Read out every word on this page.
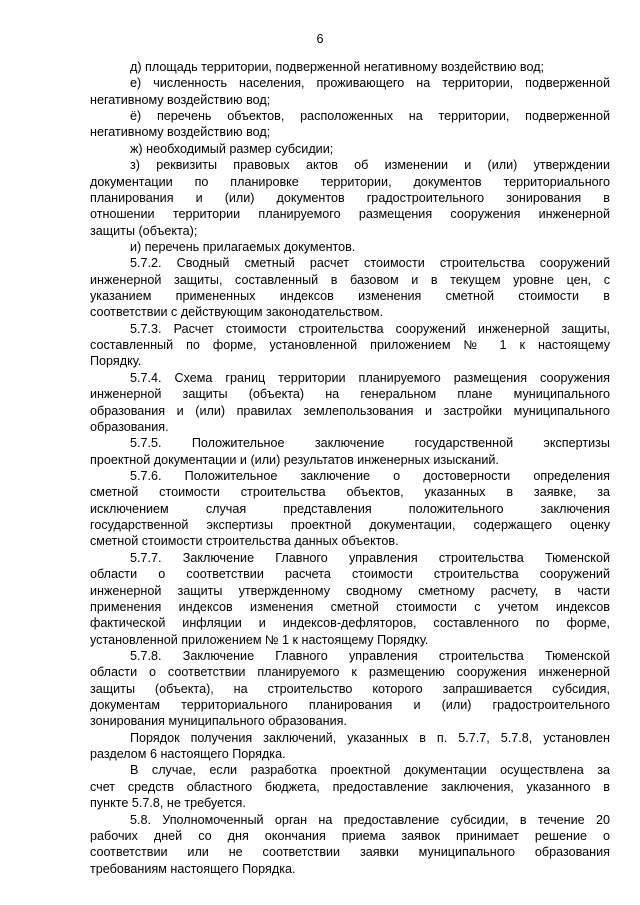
6
д) площадь территории, подверженной негативному воздействию вод;
е) численность населения, проживающего на территории, подверженной
негативному воздействию вод;
ё) перечень объектов, расположенных на территории, подверженной
негативному воздействию вод;
ж) необходимый размер субсидии;
з) реквизиты правовых актов об изменении и (или) утверждении
документации по планировке территории, документов территориального
планирования и (или) документов градостроительного зонирования в
отношении территории планируемого размещения сооружения инженерной
защиты (объекта);
и) перечень прилагаемых документов.
5.7.2. Сводный сметный расчет стоимости строительства сооружений
инженерной защиты, составленный в базовом и в текущем уровне цен, с
указанием примененных индексов изменения сметной стоимости в
соответствии с действующим законодательством.
5.7.3. Расчет стоимости строительства сооружений инженерной защиты,
составленный по форме, установленной приложением № 1 к настоящему
Порядку.
5.7.4. Схема границ территории планируемого размещения сооружения
инженерной защиты (объекта) на генеральном плане муниципального
образования и (или) правилах землепользования и застройки муниципального
образования.
5.7.5. Положительное заключение государственной экспертизы
проектной документации и (или) результатов инженерных изысканий.
5.7.6. Положительное заключение о достоверности определения
сметной стоимости строительства объектов, указанных в заявке, за
исключением случая представления положительного заключения
государственной экспертизы проектной документации, содержащего оценку
сметной стоимости строительства данных объектов.
5.7.7. Заключение Главного управления строительства Тюменской
области о соответствии расчета стоимости строительства сооружений
инженерной защиты утвержденному сводному сметному расчету, в части
применения индексов изменения сметной стоимости с учетом индексов
фактической инфляции и индексов-дефляторов, составленного по форме,
установленной приложением № 1 к настоящему Порядку.
5.7.8. Заключение Главного управления строительства Тюменской
области о соответствии планируемого к размещению сооружения инженерной
защиты (объекта), на строительство которого запрашивается субсидия,
документам территориального планирования и (или) градостроительного
зонирования муниципального образования.
Порядок получения заключений, указанных в п. 5.7.7, 5.7.8, установлен
разделом 6 настоящего Порядка.
В случае, если разработка проектной документации осуществлена за
счет средств областного бюджета, предоставление заключения, указанного в
пункте 5.7.8, не требуется.
5.8. Уполномоченный орган на предоставление субсидии, в течение 20
рабочих дней со дня окончания приема заявок принимает решение о
соответствии или не соответствии заявки муниципального образования
требованиям настоящего Порядка.
